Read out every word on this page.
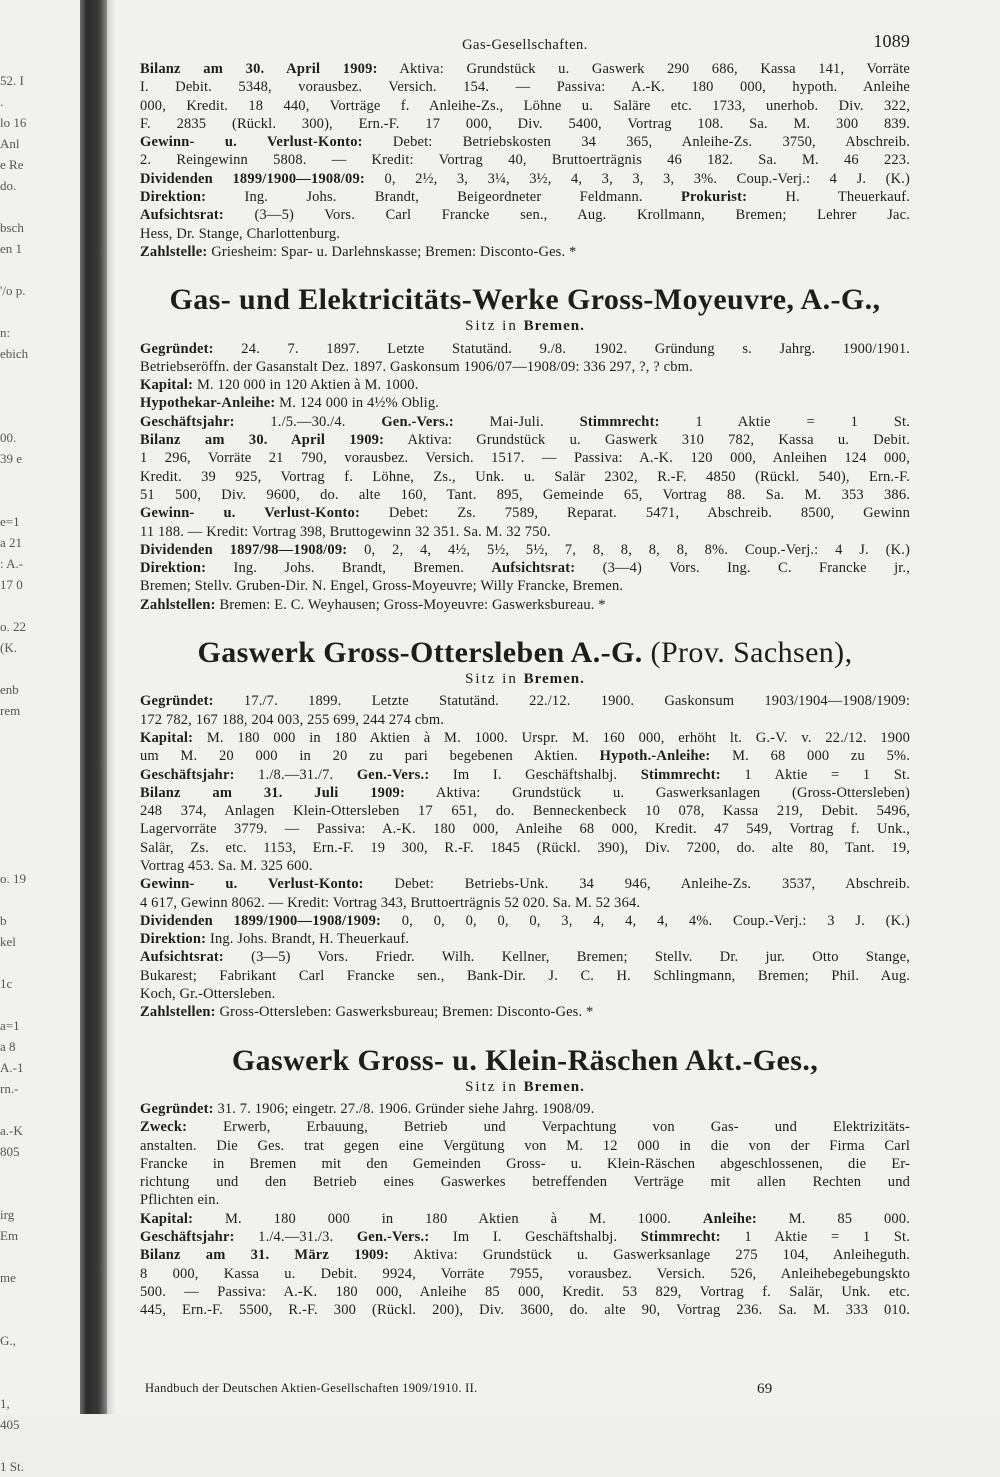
52. I
.
lo 16
Anl
e Re
do.
bsch
en 1
'/o p.
n:
ebich
00.
39 e
e=1
a 21
: A.-
17 0
o. 22
(K.
enb
rem
o. 19
b
kel
1c
a=1
a 8
A.-1
rn.-
a.-K
805
irg
Em
me
G.,
1,
405
1 St.
Gas-Gesellschaften.	1089
Bilanz am 30. April 1909: Aktiva: Grundstück u. Gaswerk 290 686, Kassa 141, Vorräte
I. Debit. 5348, vorausbez. Versich. 154. — Passiva: A.-K. 180 000, hypoth. Anleihe
000, Kredit. 18 440, Vorträge f. Anleihe-Zs., Löhne u. Saläre etc. 1733, unerhob. Div. 322,
F. 2835 (Rückl. 300), Ern.-F. 17 000, Div. 5400, Vortrag 108. Sa. M. 300 839.
Gewinn- u. Verlust-Konto: Debet: Betriebskosten 34 365, Anleihe-Zs. 3750, Abschreib.
2. Reingewinn 5808. — Kredit: Vortrag 40, Bruttoerträgnis 46 182. Sa. M. 46 223.
Dividenden 1899/1900—1908/09: 0, 2½, 3, 3¼, 3½, 4, 3, 3, 3, 3%. Coup.-Verj.: 4 J. (K.)
Direktion: Ing. Johs. Brandt, Beigeordneter Feldmann.	Prokurist: H. Theuerkauf.
Aufsichtsrat: (3—5) Vors. Carl Francke sen., Aug. Krollmann, Bremen; Lehrer Jac.
Hess, Dr. Stange, Charlottenburg.
Zahlstelle: Griesheim: Spar- u. Darlehnskasse; Bremen: Disconto-Ges. *
Gas- und Elektricitäts-Werke Gross-Moyeuvre, A.-G.,
Sitz in Bremen.
Gegründet: 24. 7. 1897. Letzte Statutänd. 9./8. 1902. Gründung s. Jahrg. 1900/1901.
Betriebseröffn. der Gasanstalt Dez. 1897. Gaskonsum 1906/07—1908/09: 336 297, ?, ? cbm.
Kapital: M. 120 000 in 120 Aktien à M. 1000.
Hypothekar-Anleihe: M. 124 000 in 4½% Oblig.
Geschäftsjahr: 1./5.—30./4. Gen.-Vers.: Mai-Juli. Stimmrecht: 1 Aktie = 1 St.
Bilanz am 30. April 1909: Aktiva: Grundstück u. Gaswerk 310 782, Kassa u. Debit.
1 296, Vorräte 21 790, vorausbez. Versich. 1517. — Passiva: A.-K. 120 000, Anleihen 124 000,
Kredit. 39 925, Vortrag f. Löhne, Zs., Unk. u. Salär 2302, R.-F. 4850 (Rückl. 540), Ern.-F.
51 500, Div. 9600, do. alte 160, Tant. 895, Gemeinde 65, Vortrag 88. Sa. M. 353 386.
Gewinn- u. Verlust-Konto: Debet: Zs. 7589, Reparat. 5471, Abschreib. 8500, Gewinn
11 188. — Kredit: Vortrag 398, Bruttogewinn 32 351. Sa. M. 32 750.
Dividenden 1897/98—1908/09: 0, 2, 4, 4½, 5½, 5½, 7, 8, 8, 8, 8, 8%. Coup.-Verj.: 4 J. (K.)
Direktion: Ing. Johs. Brandt, Bremen. Aufsichtsrat: (3—4) Vors. Ing. C. Francke jr.,
Bremen; Stellv. Gruben-Dir. N. Engel, Gross-Moyeuvre; Willy Francke, Bremen.
Zahlstellen: Bremen: E. C. Weyhausen; Gross-Moyeuvre: Gaswerksbureau. *
Gaswerk Gross-Ottersleben A.-G. (Prov. Sachsen),
Sitz in Bremen.
Gegründet: 17./7. 1899. Letzte Statutänd. 22./12. 1900. Gaskonsum 1903/1904—1908/1909:
172 782, 167 188, 204 003, 255 699, 244 274 cbm.
Kapital: M. 180 000 in 180 Aktien à M. 1000. Urspr. M. 160 000, erhöht lt. G.-V. v. 22./12. 1900
um M. 20 000 in 20 zu pari begebenen Aktien. Hypoth.-Anleihe: M. 68 000 zu 5%.
Geschäftsjahr: 1./8.—31./7. Gen.-Vers.: Im I. Geschäftshalbj. Stimmrecht: 1 Aktie = 1 St.
Bilanz am 31. Juli 1909: Aktiva: Grundstück u. Gaswerksanlagen (Gross-Ottersleben)
248 374, Anlagen Klein-Ottersleben 17 651, do. Benneckenbeck 10 078, Kassa 219, Debit. 5496,
Lagervorräte 3779. — Passiva: A.-K. 180 000, Anleihe 68 000, Kredit. 47 549, Vortrag f. Unk.,
Salär, Zs. etc. 1153, Ern.-F. 19 300, R.-F. 1845 (Rückl. 390), Div. 7200, do. alte 80, Tant. 19,
Vortrag 453. Sa. M. 325 600.
Gewinn- u. Verlust-Konto: Debet: Betriebs-Unk. 34 946, Anleihe-Zs. 3537, Abschreib.
4 617, Gewinn 8062. — Kredit: Vortrag 343, Bruttoerträgnis 52 020. Sa. M. 52 364.
Dividenden 1899/1900—1908/1909: 0, 0, 0, 0, 0, 3, 4, 4, 4, 4%. Coup.-Verj.: 3 J. (K.)
Direktion: Ing. Johs. Brandt, H. Theuerkauf.
Aufsichtsrat: (3—5) Vors. Friedr. Wilh. Kellner, Bremen; Stellv. Dr. jur. Otto Stange,
Bukarest; Fabrikant Carl Francke sen., Bank-Dir. J. C. H. Schlingmann, Bremen; Phil. Aug.
Koch, Gr.-Ottersleben.
Zahlstellen: Gross-Ottersleben: Gaswerksbureau; Bremen: Disconto-Ges. *
Gaswerk Gross- u. Klein-Räschen Akt.-Ges.,
Sitz in Bremen.
Gegründet: 31. 7. 1906; eingetr. 27./8. 1906. Gründer siehe Jahrg. 1908/09.
Zweck: Erwerb, Erbauung, Betrieb und Verpachtung von Gas- und Elektrizitäts-
anstalten. Die Ges. trat gegen eine Vergütung von M. 12 000 in die von der Firma Carl
Francke in Bremen mit den Gemeinden Gross- u. Klein-Räschen abgeschlossenen, die Er-
richtung und den Betrieb eines Gaswerkes betreffenden Verträge mit allen Rechten und
Pflichten ein.
Kapital: M. 180 000 in 180 Aktien à M. 1000. Anleihe: M. 85 000.
Geschäftsjahr: 1./4.—31./3. Gen.-Vers.: Im I. Geschäftshalbj. Stimmrecht: 1 Aktie = 1 St.
Bilanz am 31. März 1909: Aktiva: Grundstück u. Gaswerksanlage 275 104, Anleiheguth.
8 000, Kassa u. Debit. 9924, Vorräte 7955, vorausbez. Versich. 526, Anleihebegebungskto
500. — Passiva: A.-K. 180 000, Anleihe 85 000, Kredit. 53 829, Vortrag f. Salär, Unk. etc.
445, Ern.-F. 5500, R.-F. 300 (Rückl. 200), Div. 3600, do. alte 90, Vortrag 236. Sa. M. 333 010.
Handbuch der Deutschen Aktien-Gesellschaften 1909/1910. II.	69
